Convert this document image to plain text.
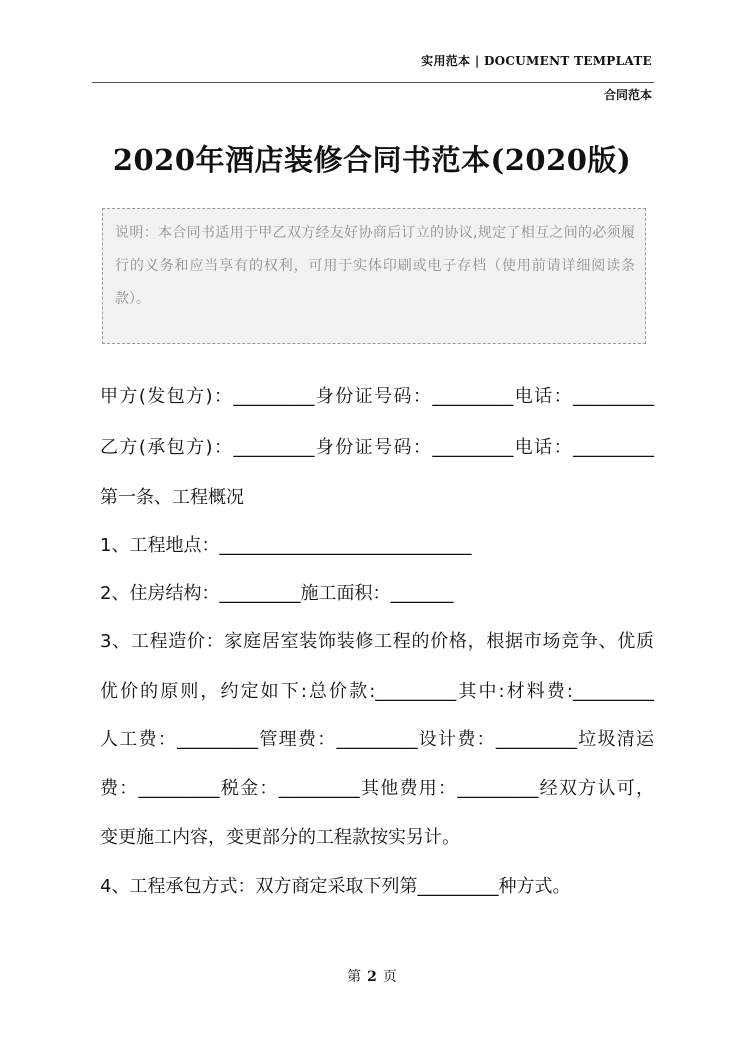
实用范本 | DOCUMENT TEMPLATE
合同范本
2020年酒店装修合同书范本(2020版)
说明：本合同书适用于甲乙双方经友好协商后订立的协议,规定了相互之间的必须履行的义务和应当享有的权利，可用于实体印刷或电子存档（使用前请详细阅读条款）。
甲方(发包方)：_________身份证号码：_________电话：_________
乙方(承包方)：_________身份证号码：_________电话：_________
第一条、工程概况
1、工程地点：____________________________
2、住房结构：_________施工面积：_______
3、工程造价：家庭居室装饰装修工程的价格，根据市场竞争、优质
优价的原则，约定如下:总价款:_________其中:材料费:_________
人工费：_________管理费：_________设计费：_________垃圾清运
费：_________税金：_________其他费用：_________经双方认可，
变更施工内容，变更部分的工程款按实另计。
4、工程承包方式：双方商定采取下列第_________种方式。
第 2 页
